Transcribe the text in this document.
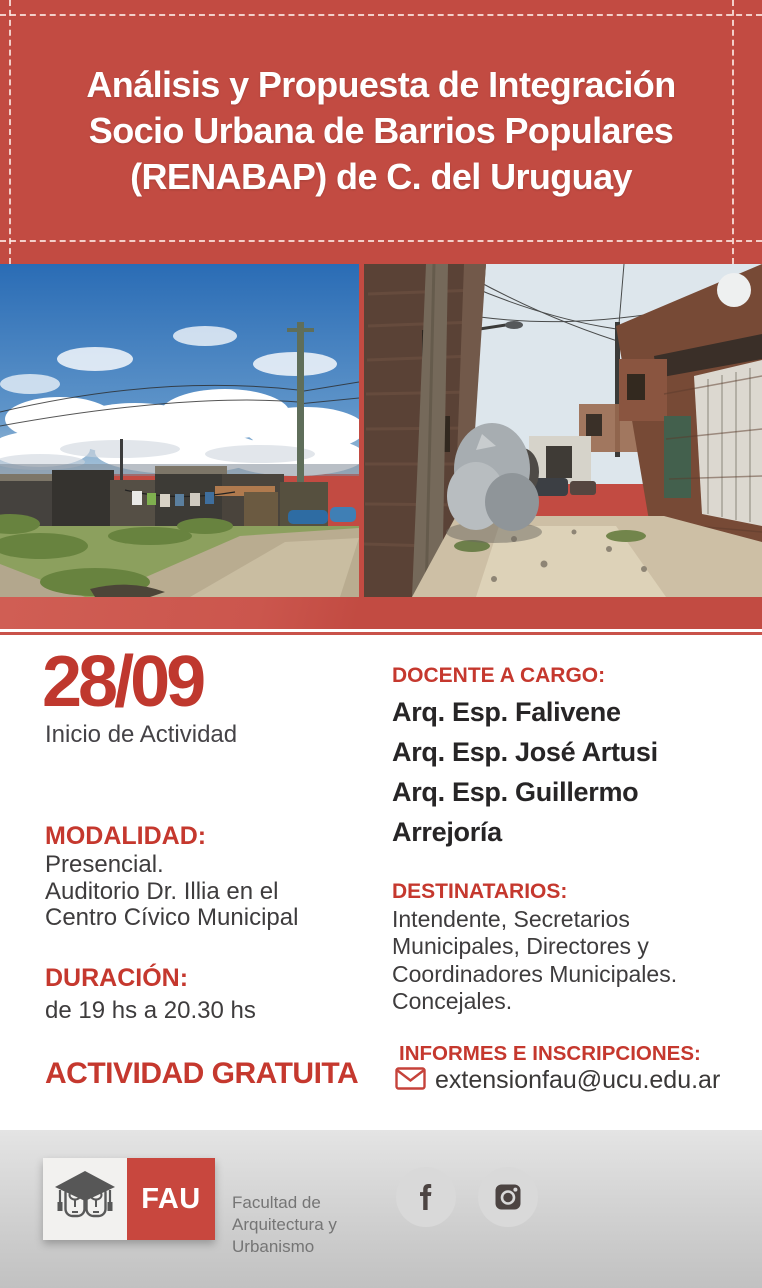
Análisis y Propuesta de Integración
Socio Urbana de Barrios Populares
(RENABAP) de C. del Uruguay
28/09
Inicio de Actividad
MODALIDAD:
Presencial.
Auditorio Dr. Illia en el
Centro Cívico Municipal
DURACIÓN:
de 19 hs a 20.30 hs
ACTIVIDAD GRATUITA
DOCENTE A CARGO:
Arq. Esp. Falivene
Arq. Esp. José Artusi
Arq. Esp. Guillermo Arrejoría
DESTINATARIOS:
Intendente, Secretarios
Municipales, Directores y
Coordinadores Municipales.
Concejales.
INFORMES E INSCRIPCIONES:
extensionfau@ucu.edu.ar
FAU	Facultad de
Arquitectura y
Urbanismo
